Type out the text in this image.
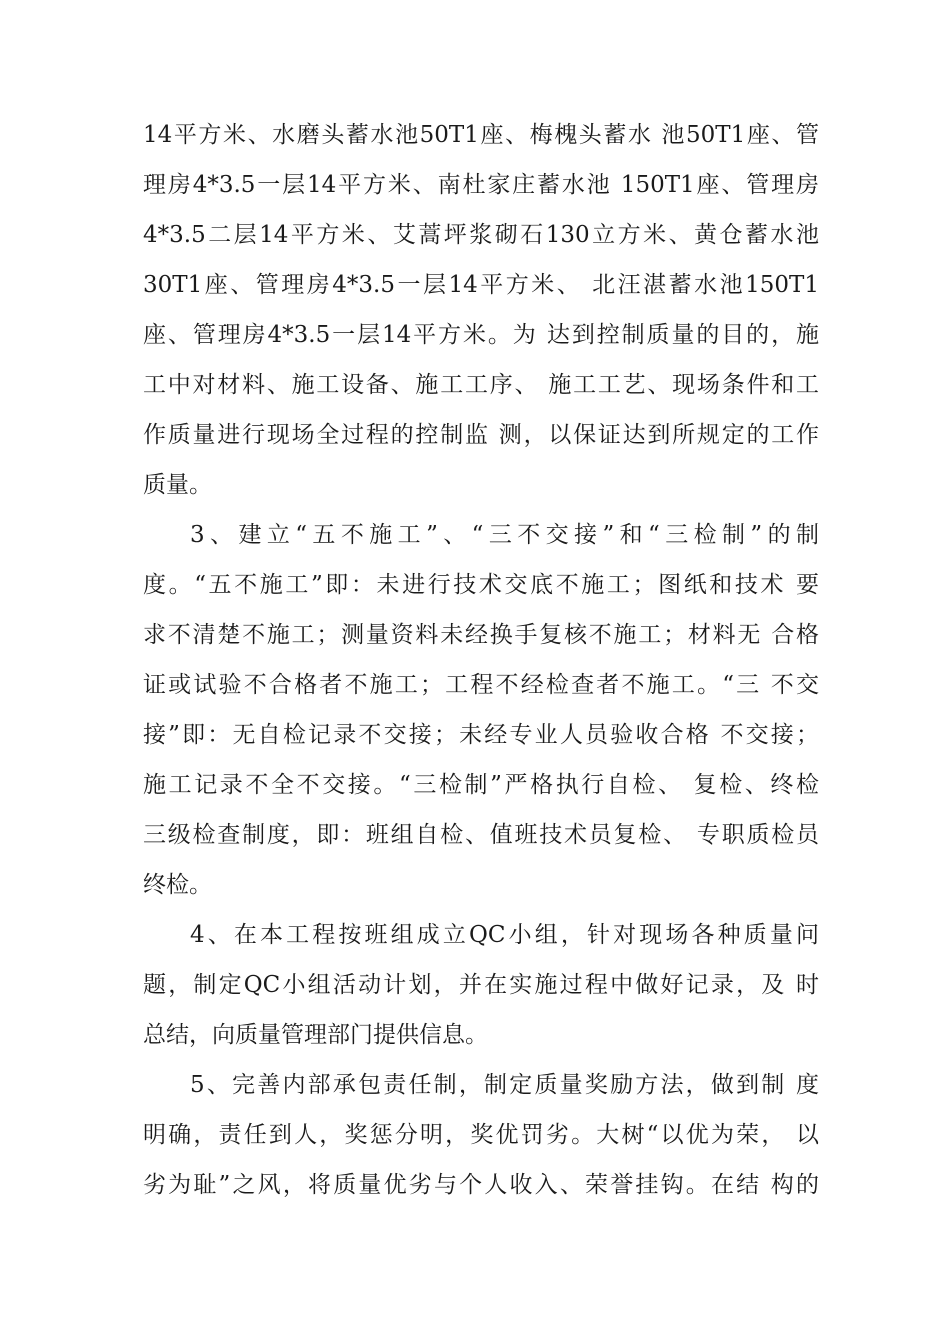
14平方米、水磨头蓄水池50T1座、梅槐头蓄水 池50T1座、管
理房4*3.5一层14平方米、南杜家庄蓄水池 150T1座、管理房
4*3.5二层14平方米、艾蒿坪浆砌石130立方米、黄仓蓄水池
30T1座、管理房4*3.5一层14平方米、 北汪湛蓄水池150T1
座、管理房4*3.5一层14平方米。为 达到控制质量的目的，施
工中对材料、施工设备、施工工序、 施工工艺、现场条件和工
作质量进行现场全过程的控制监 测，以保证达到所规定的工作
质量。
3、建立“五不施工”、“三不交接”和“三检制”的制
度。“五不施工”即：未进行技术交底不施工；图纸和技术 要
求不清楚不施工；测量资料未经换手复核不施工；材料无 合格
证或试验不合格者不施工；工程不经检查者不施工。“三 不交
接”即：无自检记录不交接；未经专业人员验收合格 不交接；
施工记录不全不交接。“三检制”严格执行自检、 复检、终检
三级检查制度，即：班组自检、值班技术员复检、 专职质检员
终检。
4、在本工程按班组成立QC小组，针对现场各种质量问
题，制定QC小组活动计划，并在实施过程中做好记录，及 时
总结，向质量管理部门提供信息。
5、完善内部承包责任制，制定质量奖励方法，做到制 度
明确，责任到人，奖惩分明，奖优罚劣。大树“以优为荣， 以
劣为耻”之风，将质量优劣与个人收入、荣誉挂钩。在结 构的
